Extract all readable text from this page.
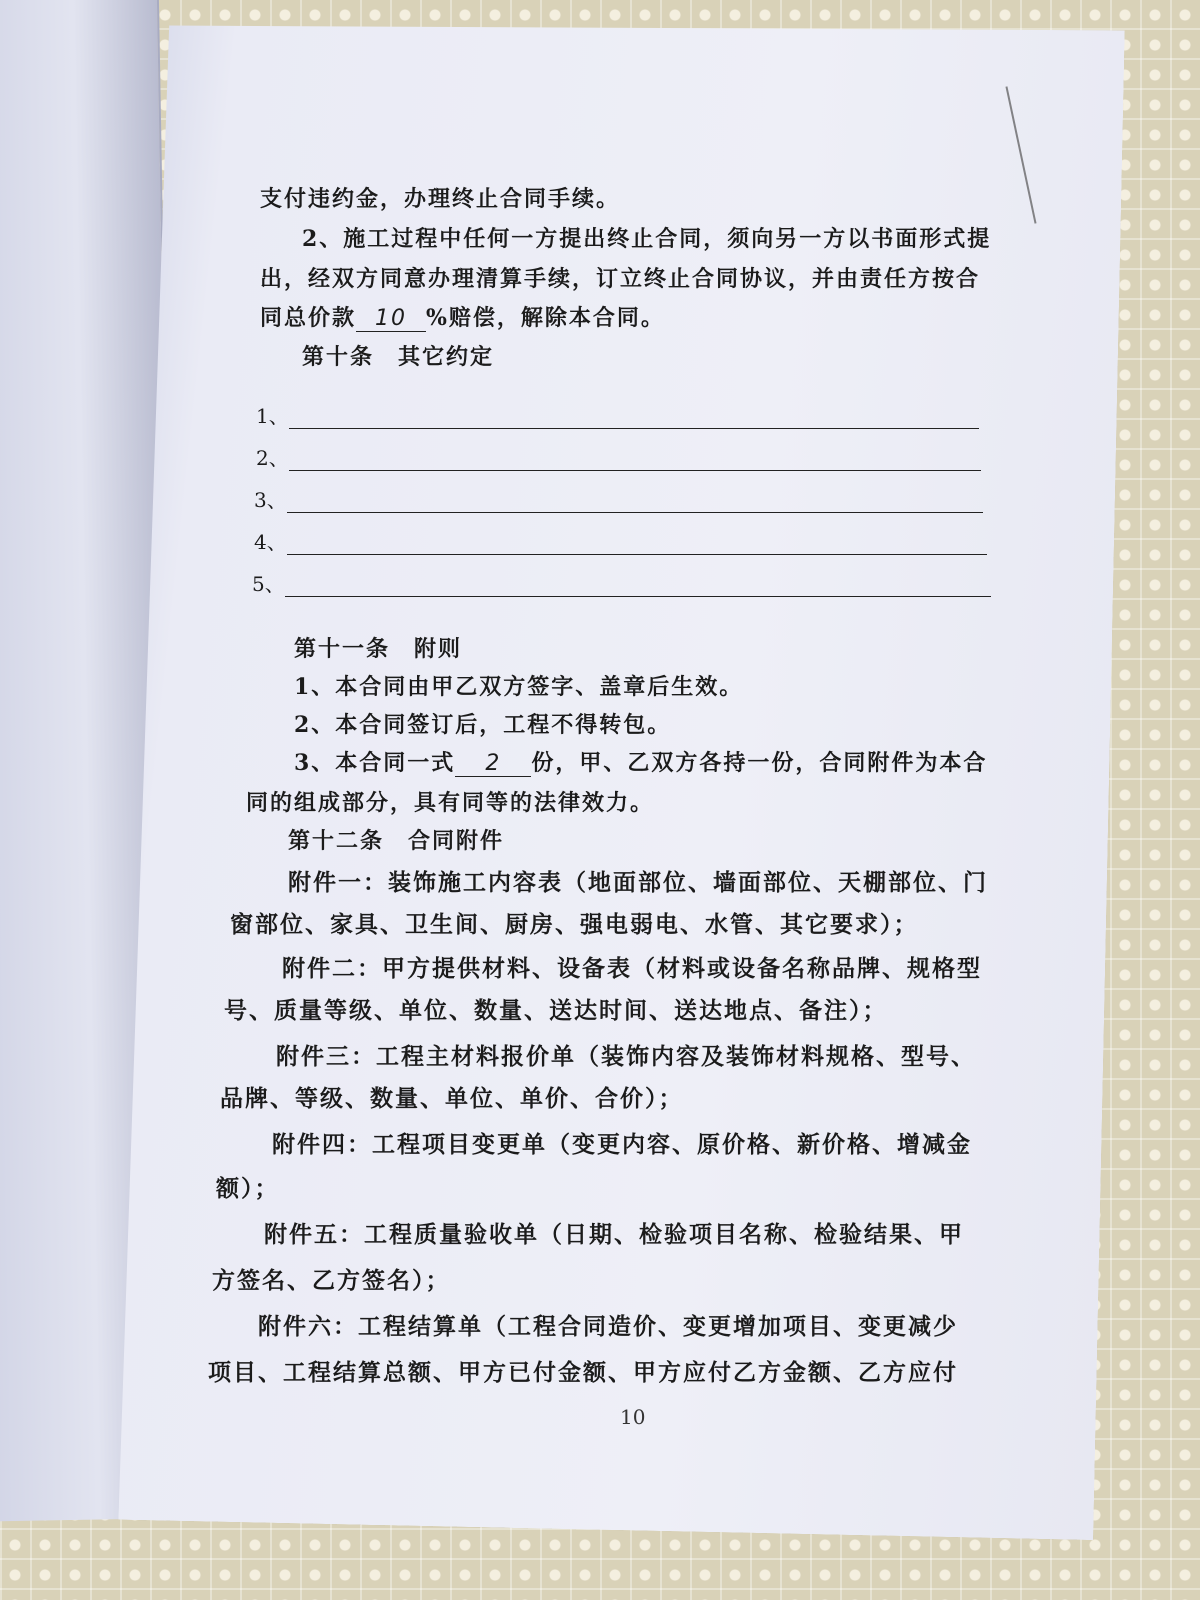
支付违约金，办理终止合同手续。
2、施工过程中任何一方提出终止合同，须向另一方以书面形式提
出，经双方同意办理清算手续，订立终止合同协议，并由责任方按合
同总价款 10 %赔偿，解除本合同。
第十条　其它约定
1、
2、
3、
4、
5、
第十一条　附则
1、本合同由甲乙双方签字、盖章后生效。
2、本合同签订后，工程不得转包。
3、本合同一式 2 份，甲、乙双方各持一份，合同附件为本合
同的组成部分，具有同等的法律效力。
第十二条　合同附件
附件一：装饰施工内容表（地面部位、墙面部位、天棚部位、门
窗部位、家具、卫生间、厨房、强电弱电、水管、其它要求）；
附件二：甲方提供材料、设备表（材料或设备名称品牌、规格型
号、质量等级、单位、数量、送达时间、送达地点、备注）；
附件三：工程主材料报价单（装饰内容及装饰材料规格、型号、
品牌、等级、数量、单位、单价、合价）；
附件四：工程项目变更单（变更内容、原价格、新价格、增减金
额）；
附件五：工程质量验收单（日期、检验项目名称、检验结果、甲
方签名、乙方签名）；
附件六：工程结算单（工程合同造价、变更增加项目、变更减少
项目、工程结算总额、甲方已付金额、甲方应付乙方金额、乙方应付
10
